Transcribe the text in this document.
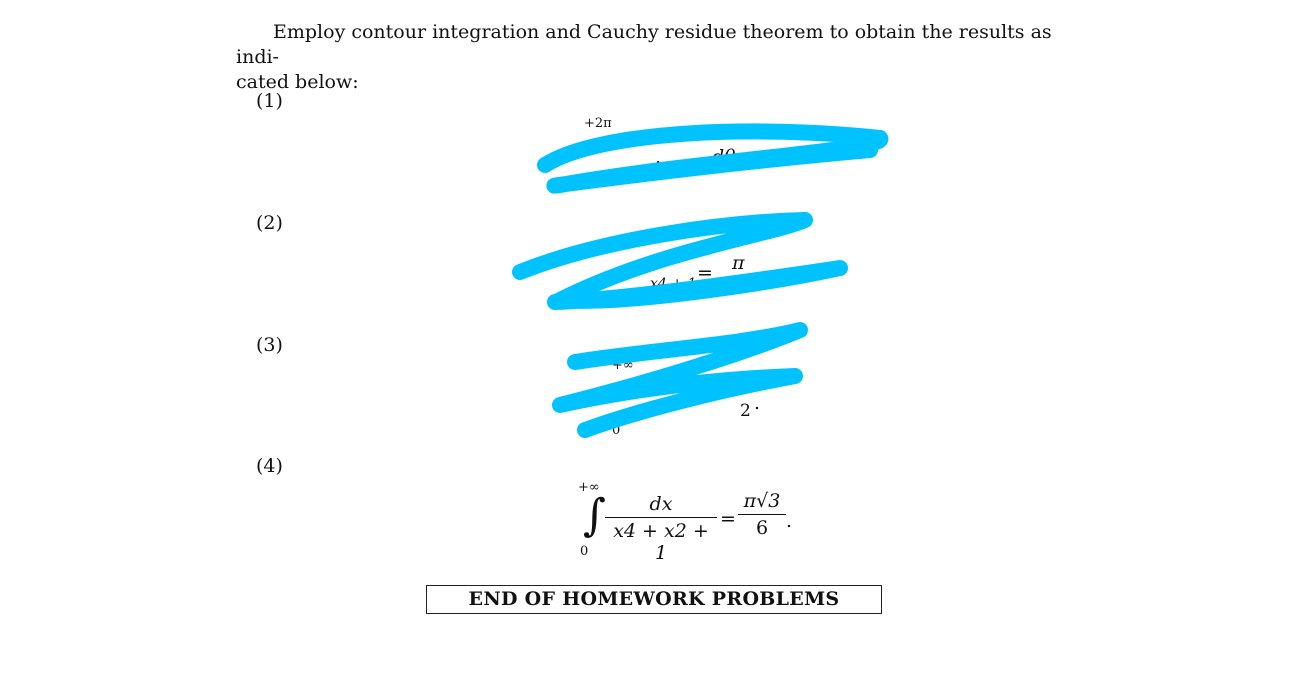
Employ contour integration and Cauchy residue theorem to obtain the results as indi-
cated below:
(1)
(2)
(3)
(4)
+2π
4 co dθ
x4 + 1 = π
+∞
0
2 .
+∞
∫
0
dx
x4 + x2 + 1
=
π√3
6 .
END OF HOMEWORK PROBLEMS
